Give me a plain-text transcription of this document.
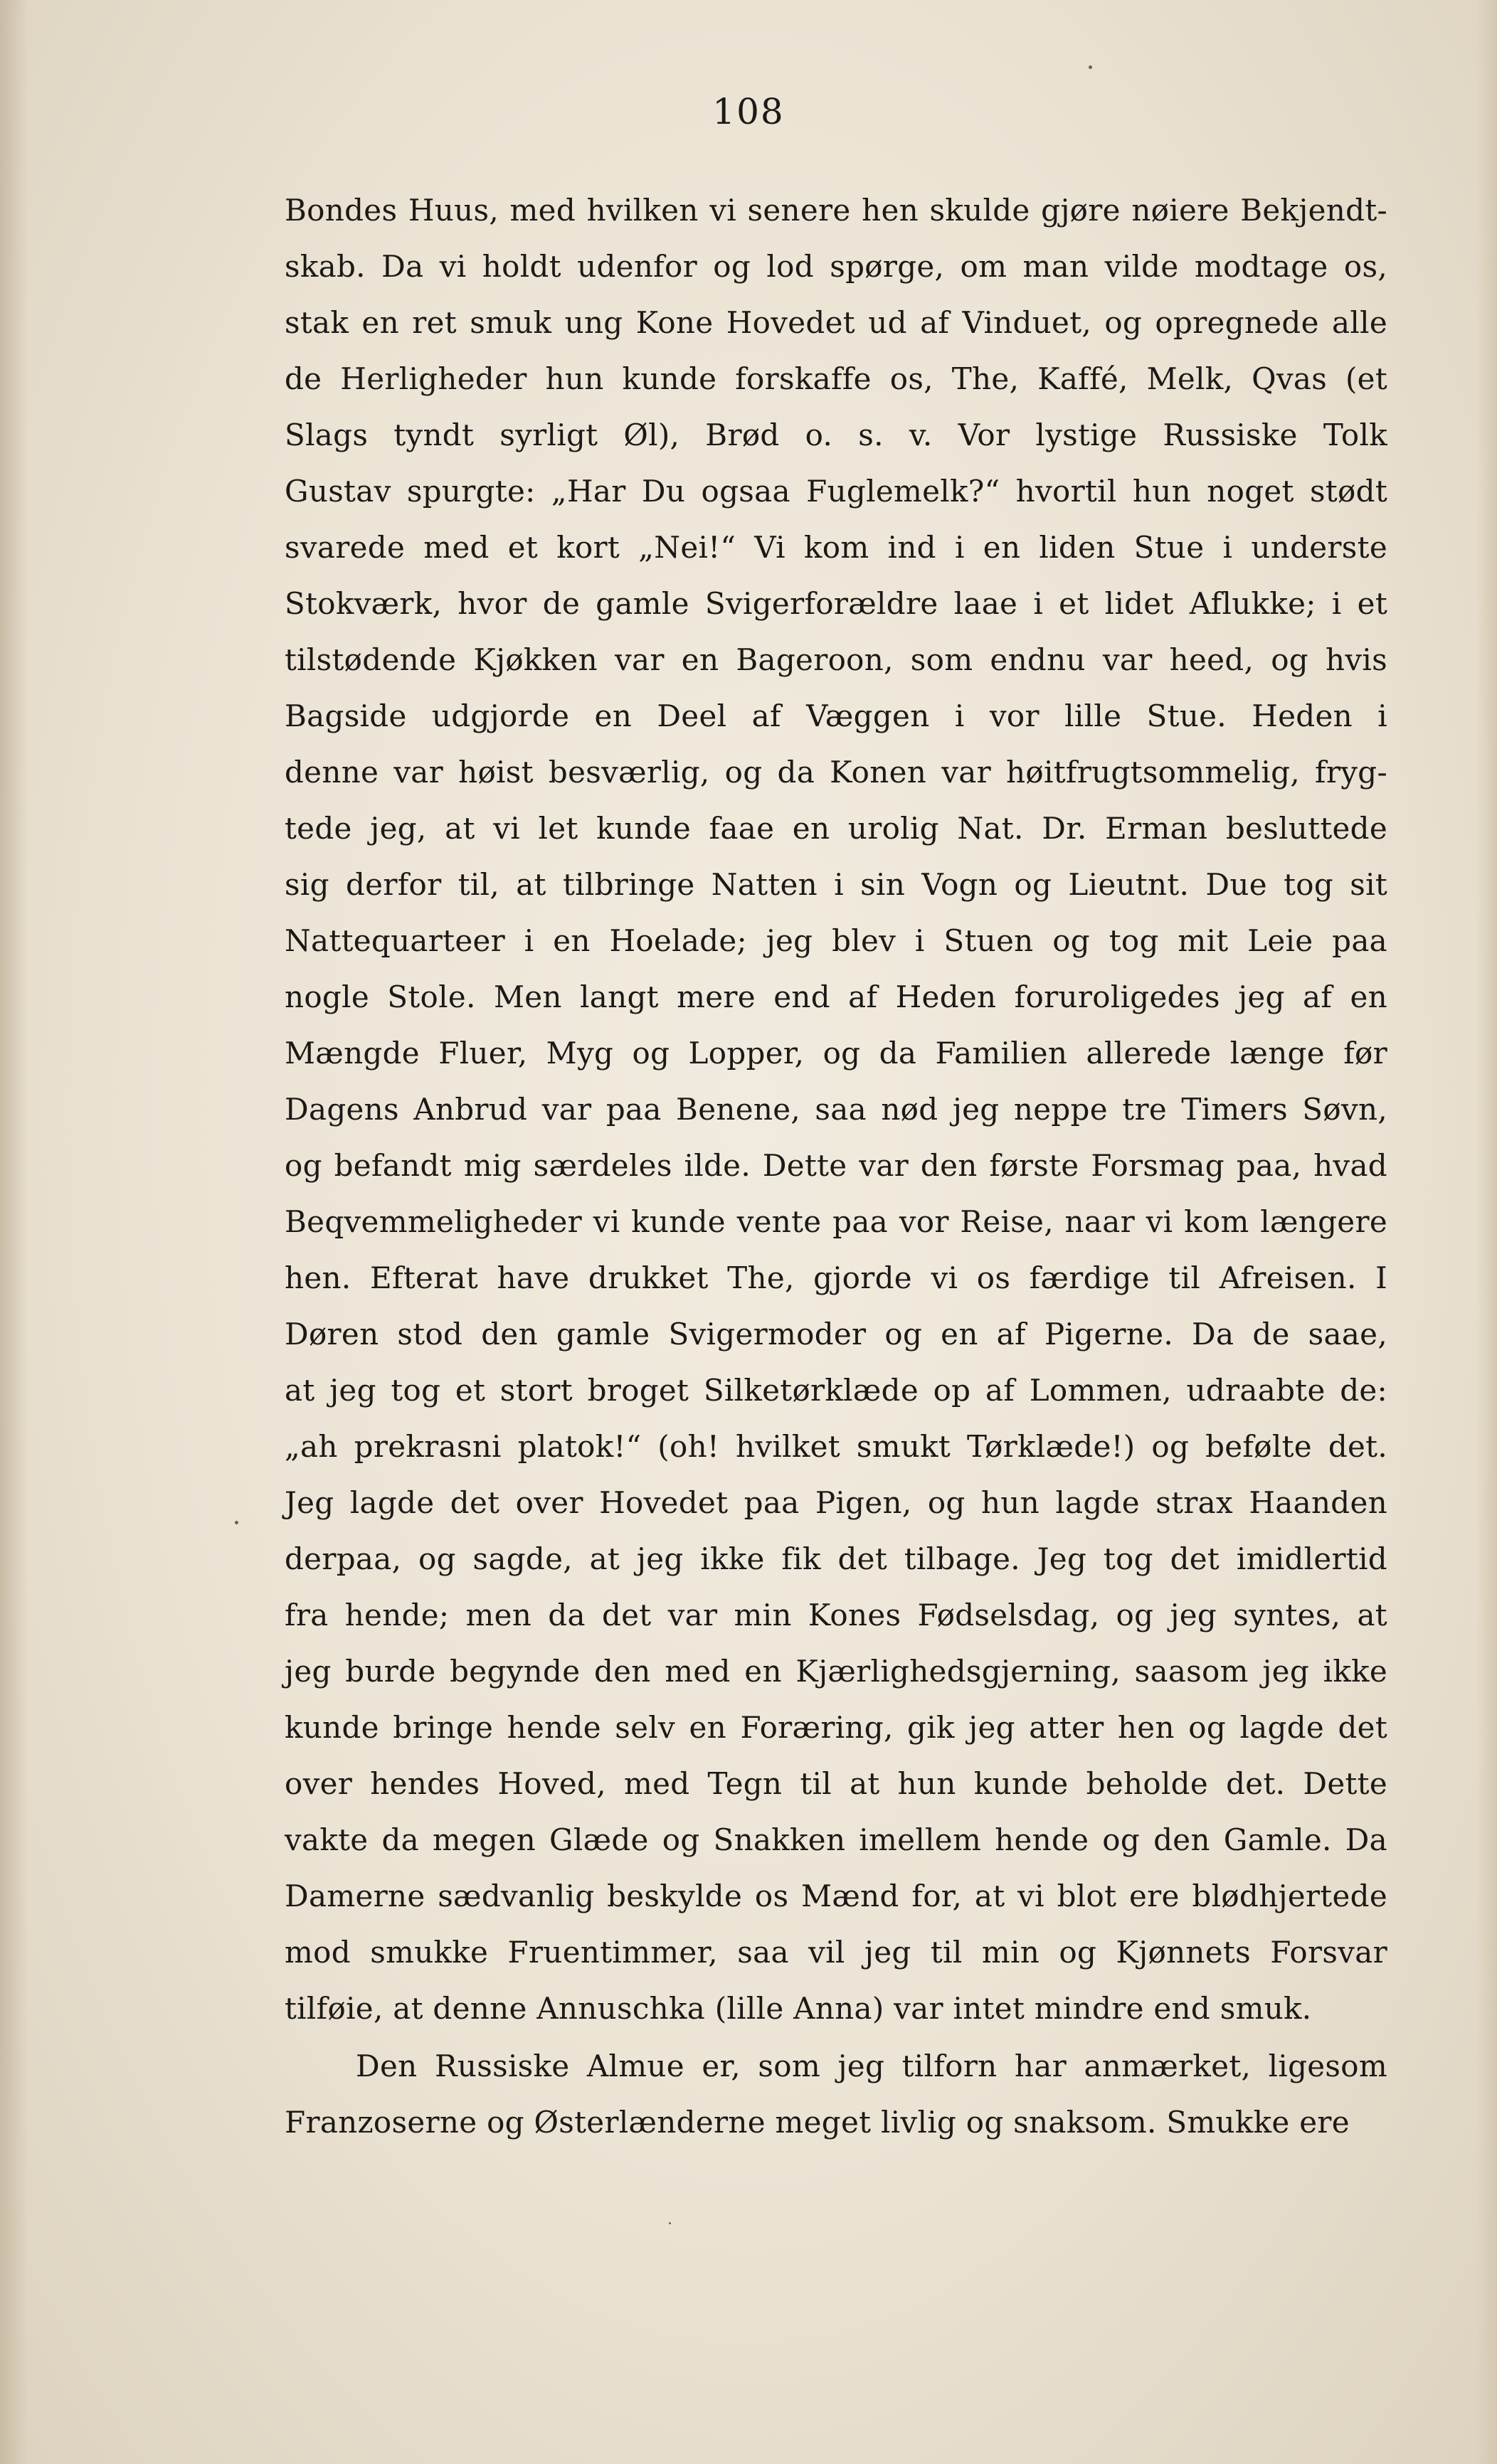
108
Bondes Huus, med hvilken vi senere hen skulde gjøre nøiere Bekjendt-
skab. Da vi holdt udenfor og lod spørge, om man vilde modtage os,
stak en ret smuk ung Kone Hovedet ud af Vinduet, og opregnede alle
de Herligheder hun kunde forskaffe os, The, Kaffé, Melk, Qvas (et
Slags tyndt syrligt Øl), Brød o. s. v. Vor lystige Russiske Tolk
Gustav spurgte: „Har Du ogsaa Fuglemelk?“ hvortil hun noget stødt
svarede med et kort „Nei!“ Vi kom ind i en liden Stue i underste
Stokværk, hvor de gamle Svigerforældre laae i et lidet Aflukke; i et
tilstødende Kjøkken var en Bageroon, som endnu var heed, og hvis
Bagside udgjorde en Deel af Væggen i vor lille Stue. Heden i
denne var høist besværlig, og da Konen var høitfrugtsommelig, fryg-
tede jeg, at vi let kunde faae en urolig Nat. Dr. Erman besluttede
sig derfor til, at tilbringe Natten i sin Vogn og Lieutnt. Due tog sit
Nattequarteer i en Hoelade; jeg blev i Stuen og tog mit Leie paa
nogle Stole. Men langt mere end af Heden foruroligedes jeg af en
Mængde Fluer, Myg og Lopper, og da Familien allerede længe før
Dagens Anbrud var paa Benene, saa nød jeg neppe tre Timers Søvn,
og befandt mig særdeles ilde. Dette var den første Forsmag paa, hvad
Beqvemmeligheder vi kunde vente paa vor Reise, naar vi kom længere
hen. Efterat have drukket The, gjorde vi os færdige til Afreisen. I
Døren stod den gamle Svigermoder og en af Pigerne. Da de saae,
at jeg tog et stort broget Silketørklæde op af Lommen, udraabte de:
„ah prekrasni platok!“ (oh! hvilket smukt Tørklæde!) og befølte det.
Jeg lagde det over Hovedet paa Pigen, og hun lagde strax Haanden
derpaa, og sagde, at jeg ikke fik det tilbage. Jeg tog det imidlertid
fra hende; men da det var min Kones Fødselsdag, og jeg syntes, at
jeg burde begynde den med en Kjærlighedsgjerning, saasom jeg ikke
kunde bringe hende selv en Foræring, gik jeg atter hen og lagde det
over hendes Hoved, med Tegn til at hun kunde beholde det. Dette
vakte da megen Glæde og Snakken imellem hende og den Gamle. Da
Damerne sædvanlig beskylde os Mænd for, at vi blot ere blødhjertede
mod smukke Fruentimmer, saa vil jeg til min og Kjønnets Forsvar
tilføie, at denne Annuschka (lille Anna) var intet mindre end smuk.
Den Russiske Almue er, som jeg tilforn har anmærket, ligesom
Franzoserne og Østerlænderne meget livlig og snaksom. Smukke ere
